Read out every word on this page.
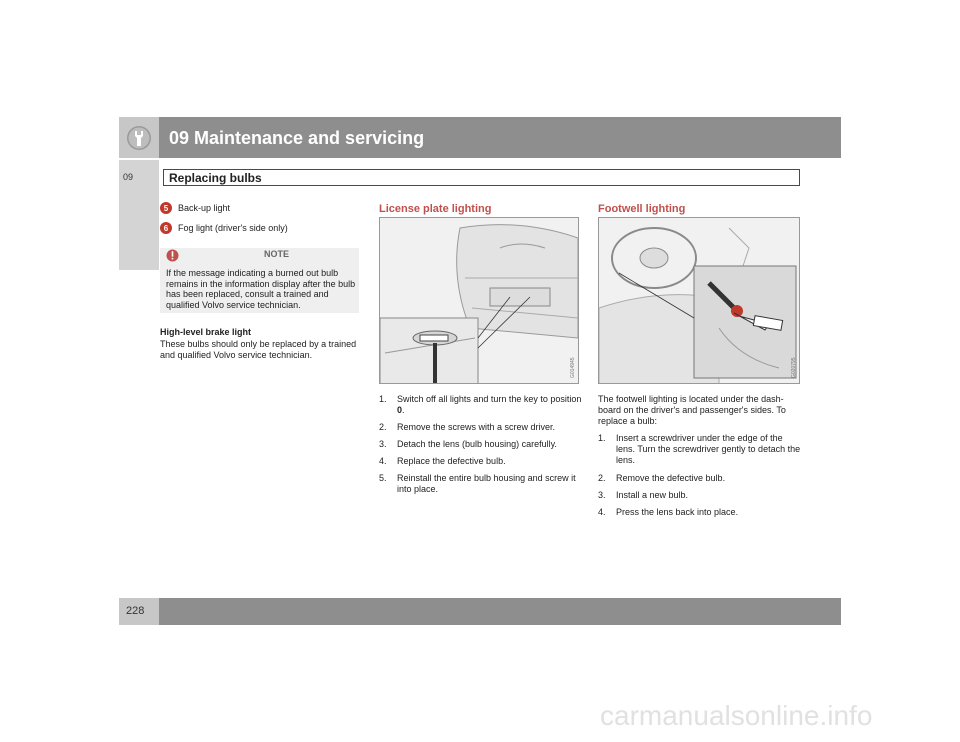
09 Maintenance and servicing
09	Replacing bulbs
5	Back-up light
6	Fog light (driver's side only)
NOTE
If the message indicating a burned out bulb remains in the information display after the bulb has been replaced, consult a trained and qualified Volvo service technician.
High-level brake light
These bulbs should only be replaced by a trained and qualified Volvo service technician.
License plate lighting
G014945
1.	Switch off all lights and turn the key to position 0.
2.	Remove the screws with a screw driver.
3.	Detach the lens (bulb housing) carefully.
4.	Replace the defective bulb.
5.	Reinstall the entire bulb housing and screw it into place.
Footwell lighting
G020795
The footwell lighting is located under the dash-board on the driver's and passenger's sides. To replace a bulb:
1.	Insert a screwdriver under the edge of the lens. Turn the screwdriver gently to detach the lens.
2.	Remove the defective bulb.
3.	Install a new bulb.
4.	Press the lens back into place.
228
carmanualsonline.info
